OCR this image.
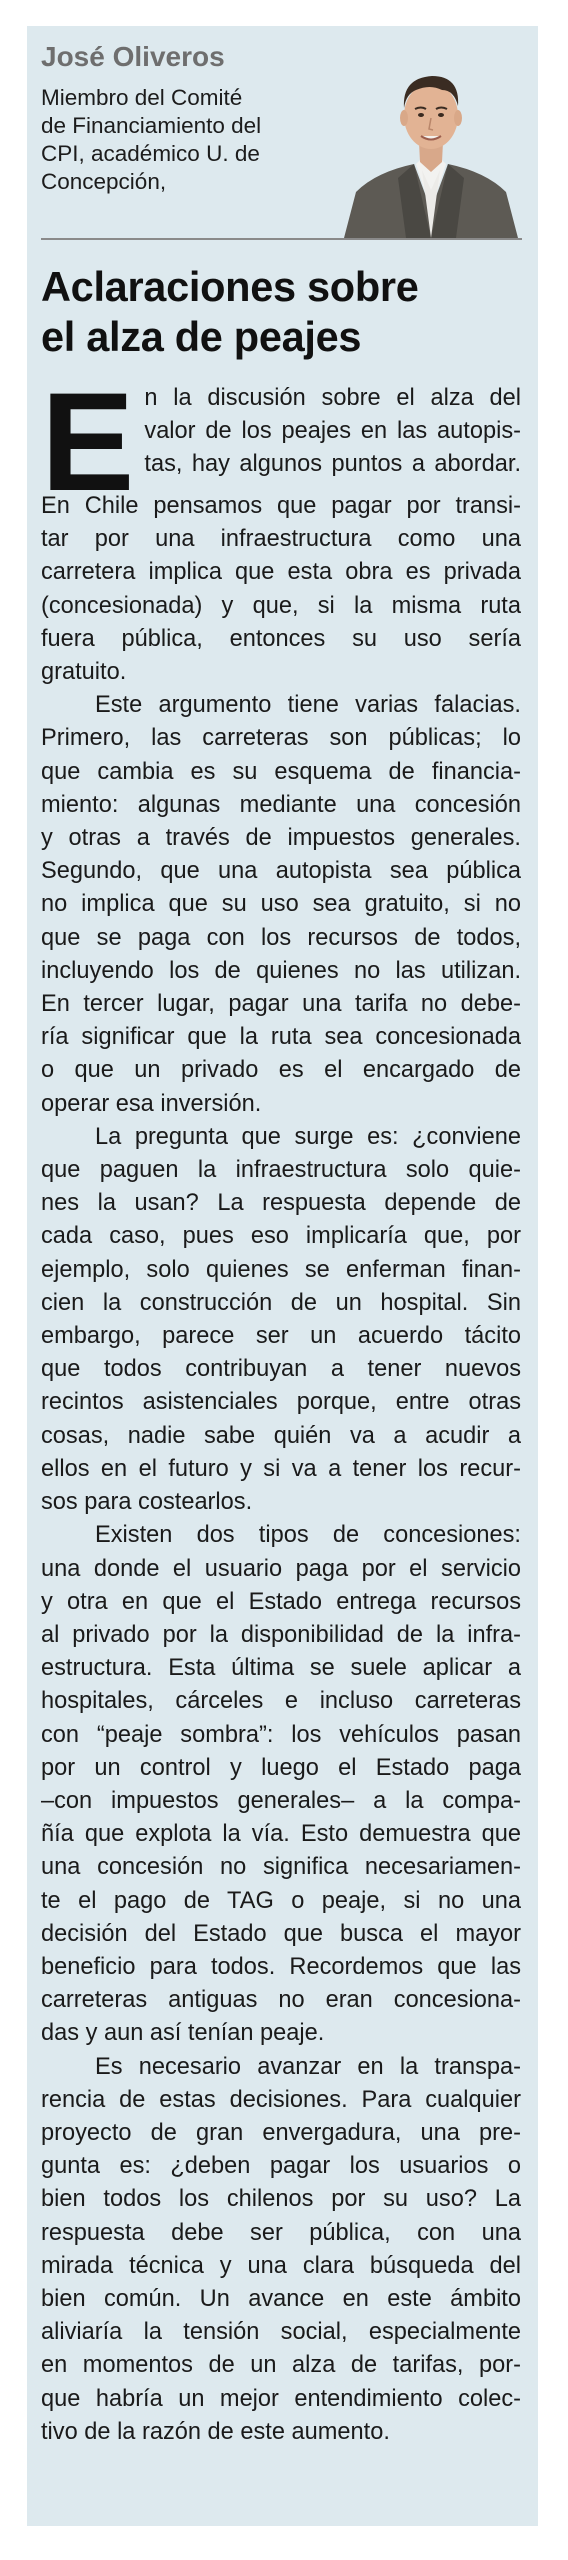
José Oliveros
Miembro del Comité
de Financiamiento del
CPI, académico U. de
Concepción,
Aclaraciones sobre
el alza de peajes
E n la discusión sobre el alza del
valor de los peajes en las autopis-
tas, hay algunos puntos a abordar.
En Chile pensamos que pagar por transi-
tar por una infraestructura como una
carretera implica que esta obra es privada
(concesionada) y que, si la misma ruta
fuera pública, entonces su uso sería
gratuito.
Este argumento tiene varias falacias.
Primero, las carreteras son públicas; lo
que cambia es su esquema de financia-
miento: algunas mediante una concesión
y otras a través de impuestos generales.
Segundo, que una autopista sea pública
no implica que su uso sea gratuito, si no
que se paga con los recursos de todos,
incluyendo los de quienes no las utilizan.
En tercer lugar, pagar una tarifa no debe-
ría significar que la ruta sea concesionada
o que un privado es el encargado de
operar esa inversión.
La pregunta que surge es: ¿conviene
que paguen la infraestructura solo quie-
nes la usan? La respuesta depende de
cada caso, pues eso implicaría que, por
ejemplo, solo quienes se enferman finan-
cien la construcción de un hospital. Sin
embargo, parece ser un acuerdo tácito
que todos contribuyan a tener nuevos
recintos asistenciales porque, entre otras
cosas, nadie sabe quién va a acudir a
ellos en el futuro y si va a tener los recur-
sos para costearlos.
Existen dos tipos de concesiones:
una donde el usuario paga por el servicio
y otra en que el Estado entrega recursos
al privado por la disponibilidad de la infra-
estructura. Esta última se suele aplicar a
hospitales, cárceles e incluso carreteras
con “peaje sombra”: los vehículos pasan
por un control y luego el Estado paga
–con impuestos generales– a la compa-
ñía que explota la vía. Esto demuestra que
una concesión no significa necesariamen-
te el pago de TAG o peaje, si no una
decisión del Estado que busca el mayor
beneficio para todos. Recordemos que las
carreteras antiguas no eran concesiona-
das y aun así tenían peaje.
Es necesario avanzar en la transpa-
rencia de estas decisiones. Para cualquier
proyecto de gran envergadura, una pre-
gunta es: ¿deben pagar los usuarios o
bien todos los chilenos por su uso? La
respuesta debe ser pública, con una
mirada técnica y una clara búsqueda del
bien común. Un avance en este ámbito
aliviaría la tensión social, especialmente
en momentos de un alza de tarifas, por-
que habría un mejor entendimiento colec-
tivo de la razón de este aumento.
